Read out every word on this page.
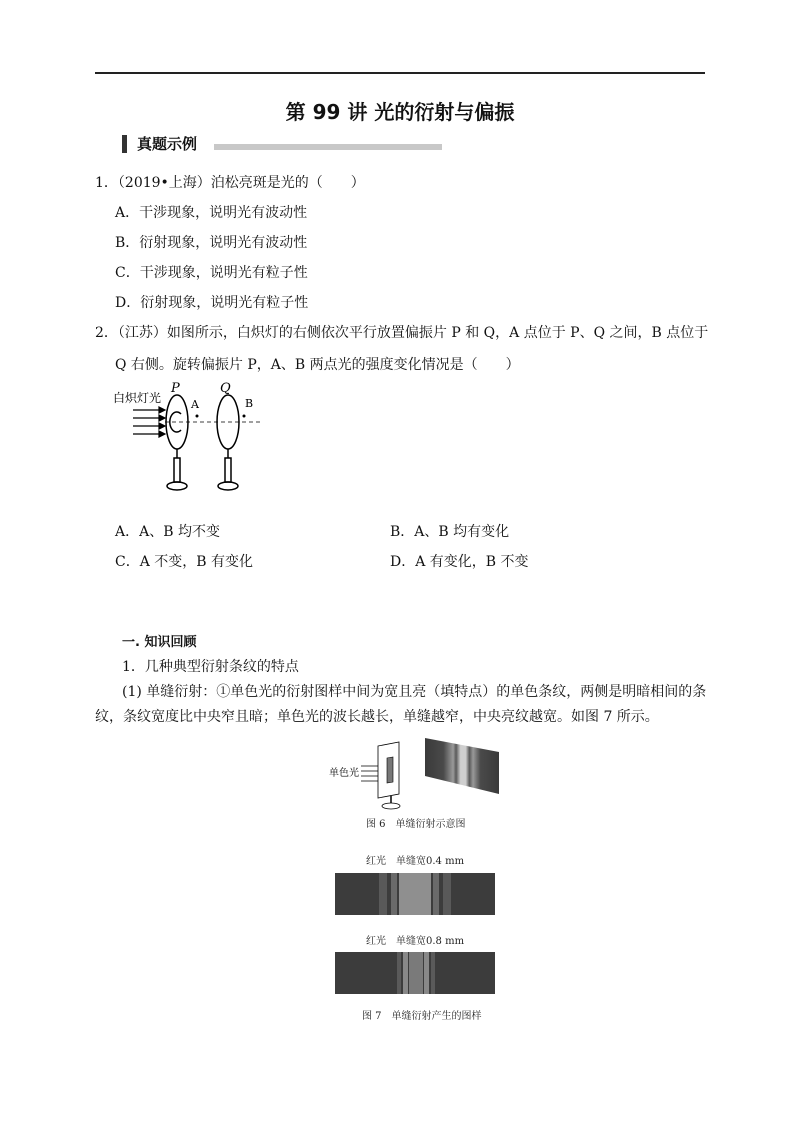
第 99 讲 光的衍射与偏振
真题示例
1．（2019•上海）泊松亮斑是光的（　　）
A．干涉现象，说明光有波动性
B．衍射现象，说明光有波动性
C．干涉现象，说明光有粒子性
D．衍射现象，说明光有粒子性
2．（江苏）如图所示，白炽灯的右侧依次平行放置偏振片 P 和 Q，A 点位于 P、Q 之间，B 点位于
Q 右侧。旋转偏振片 P，A、B 两点光的强度变化情况是（　　）
白炽灯光
P	Q
A	B
A．A、B 均不变	B．A、B 均有变化
C．A 不变，B 有变化	D．A 有变化，B 不变
一. 知识回顾
1．几种典型衍射条纹的特点
(1) 单缝衍射：①单色光的衍射图样中间为宽且亮（填特点）的单色条纹，两侧是明暗相间的条
纹，条纹宽度比中央窄且暗；单色光的波长越长，单缝越窄，中央亮纹越宽。如图 7 所示。
单色光
图 6　单缝衍射示意图
红光　单缝宽0.4 mm
红光　单缝宽0.8 mm
图 7　单缝衍射产生的图样
